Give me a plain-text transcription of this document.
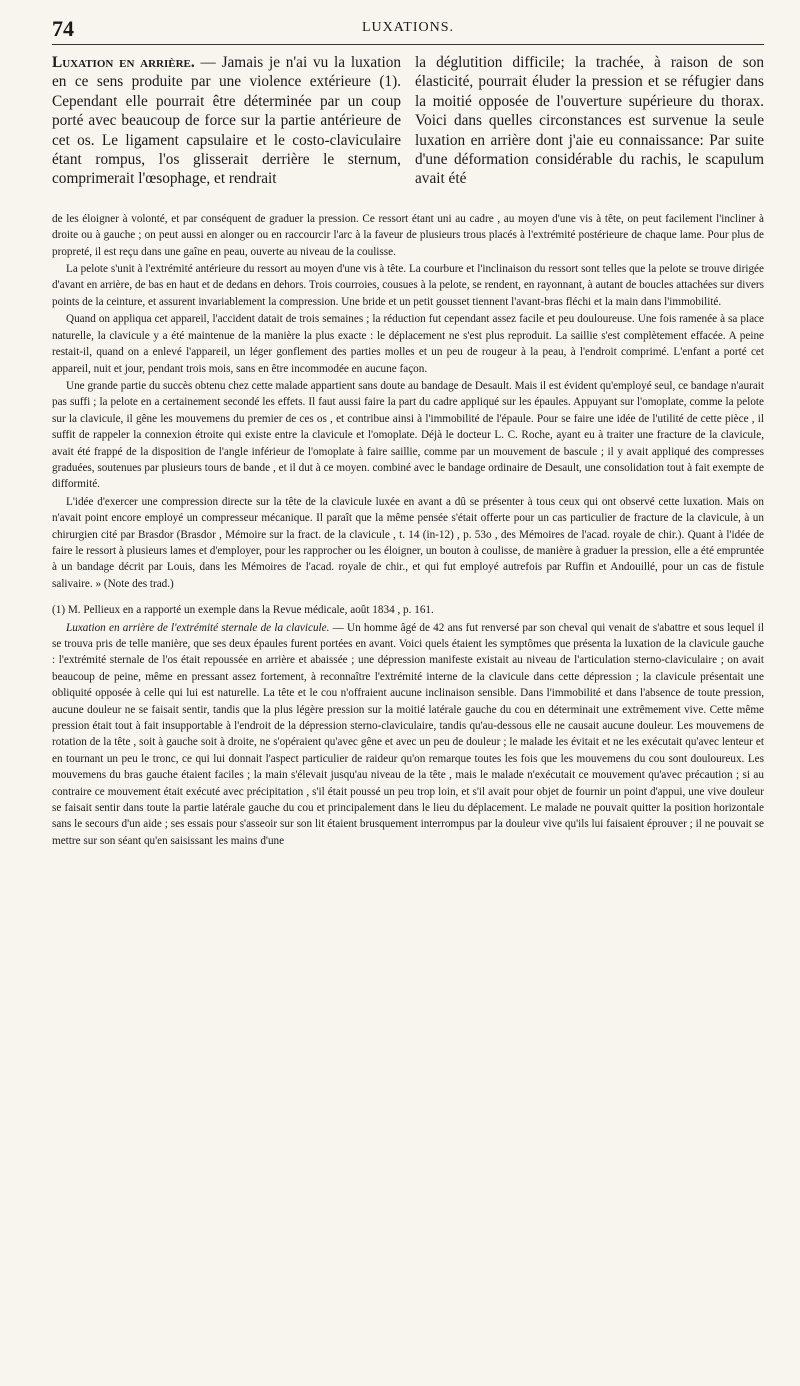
74	LUXATIONS.

Luxation en arrière. — Jamais je n'ai vu la luxation en ce sens produite par une violence extérieure (1). Cependant elle pourrait être déterminée par un coup porté avec beaucoup de force sur la partie antérieure de cet os. Le ligament capsulaire et le costo-claviculaire étant rompus, l'os glisserait derrière le sternum, comprimerait l'œsophage, et rendrait

la déglutition difficile; la trachée, à raison de son élasticité, pourrait éluder la pression et se réfugier dans la moitié opposée de l'ouverture supérieure du thorax. Voici dans quelles circonstances est survenue la seule luxation en arrière dont j'aie eu connaissance: Par suite d'une déformation considérable du rachis, le scapulum avait été

de les éloigner à volonté, et par conséquent de graduer la pression. Ce ressort étant uni au cadre , au moyen d'une vis à tête, on peut facilement l'incliner à droite ou à gauche ; on peut aussi en alonger ou en raccourcir l'arc à la faveur de plusieurs trous placés à l'extrémité postérieure de chaque lame. Pour plus de propreté, il est reçu dans une gaîne en peau, ouverte au niveau de la coulisse.

La pelote s'unit à l'extrémité antérieure du ressort au moyen d'une vis à tête. La courbure et l'inclinaison du ressort sont telles que la pelote se trouve dirigée d'avant en arrière, de bas en haut et de dedans en dehors. Trois courroies, cousues à la pelote, se rendent, en rayonnant, à autant de boucles attachées sur divers points de la ceinture, et assurent invariablement la compression. Une bride et un petit gousset tiennent l'avant-bras fléchi et la main dans l'immobilité.

Quand on appliqua cet appareil, l'accident datait de trois semaines ; la réduction fut cependant assez facile et peu douloureuse. Une fois ramenée à sa place naturelle, la clavicule y a été maintenue de la manière la plus exacte : le déplacement ne s'est plus reproduit. La saillie s'est complètement effacée. A peine restait-il, quand on a enlevé l'appareil, un léger gonflement des parties molles et un peu de rougeur à la peau, à l'endroit comprimé. L'enfant a porté cet appareil, nuit et jour, pendant trois mois, sans en être incommodée en aucune façon.

Une grande partie du succès obtenu chez cette malade appartient sans doute au bandage de Desault. Mais il est évident qu'employé seul, ce bandage n'aurait pas suffi ; la pelote en a certainement secondé les effets. Il faut aussi faire la part du cadre appliqué sur les épaules. Appuyant sur l'omoplate, comme la pelote sur la clavicule, il gêne les mouvemens du premier de ces os , et contribue ainsi à l'immobilité de l'épaule. Pour se faire une idée de l'utilité de cette pièce , il suffit de rappeler la connexion étroite qui existe entre la clavicule et l'omoplate. Déjà le docteur L. C. Roche, ayant eu à traiter une fracture de la clavicule, avait été frappé de la disposition de l'angle inférieur de l'omoplate à faire saillie, comme par un mouvement de bascule ; il y avait appliqué des compresses graduées, soutenues par plusieurs tours de bande , et il dut à ce moyen. combiné avec le bandage ordinaire de Desault, une consolidation tout à fait exempte de difformité.

L'idée d'exercer une compression directe sur la tête de la clavicule luxée en avant a dû se présenter à tous ceux qui ont observé cette luxation. Mais on n'avait point encore employé un compresseur mécanique. Il paraît que la même pensée s'était offerte pour un cas particulier de fracture de la clavicule, à un chirurgien cité par Brasdor (Brasdor , Mémoire sur la fract. de la clavicule , t. 14 (in-12) , p. 53o , des Mémoires de l'acad. royale de chir.). Quant à l'idée de faire le ressort à plusieurs lames et d'employer, pour les rapprocher ou les éloigner, un bouton à coulisse, de manière à graduer la pression, elle a été empruntée à un bandage décrit par Louis, dans les Mémoires de l'acad. royale de chir., et qui fut employé autrefois par Ruffin et Andouillé, pour un cas de fistule salivaire. » (Note des trad.)

(1) M. Pellieux en a rapporté un exemple dans la Revue médicale, août 1834 , p. 161.

Luxation en arrière de l'extrémité sternale de la clavicule. — Un homme âgé de 42 ans fut renversé par son cheval qui venait de s'abattre et sous lequel il se trouva pris de telle manière, que ses deux épaules furent portées en avant. Voici quels étaient les symptômes que présenta la luxation de la clavicule gauche : l'extrémité sternale de l'os était repoussée en arrière et abaissée ; une dépression manifeste existait au niveau de l'articulation sterno-claviculaire ; on avait beaucoup de peine, même en pressant assez fortement, à reconnaître l'extrémité interne de la clavicule dans cette dépression ; la clavicule présentait une obliquité opposée à celle qui lui est naturelle. La tête et le cou n'offraient aucune inclinaison sensible. Dans l'immobilité et dans l'absence de toute pression, aucune douleur ne se faisait sentir, tandis que la plus légère pression sur la moitié latérale gauche du cou en déterminait une extrêmement vive. Cette même pression était tout à fait insupportable à l'endroit de la dépression sterno-claviculaire, tandis qu'au-dessous elle ne causait aucune douleur. Les mouvemens de rotation de la tête , soit à gauche soit à droite, ne s'opéraient qu'avec gêne et avec un peu de douleur ; le malade les évitait et ne les exécutait qu'avec lenteur et en tournant un peu le tronc, ce qui lui donnait l'aspect particulier de raideur qu'on remarque toutes les fois que les mouvemens du cou sont douloureux. Les mouvemens du bras gauche étaient faciles ; la main s'élevait jusqu'au niveau de la tête , mais le malade n'exécutait ce mouvement qu'avec précaution ; si au contraire ce mouvement était exécuté avec précipitation , s'il était poussé un peu trop loin, et s'il avait pour objet de fournir un point d'appui, une vive douleur se faisait sentir dans toute la partie latérale gauche du cou et principalement dans le lieu du déplacement. Le malade ne pouvait quitter la position horizontale sans le secours d'un aide ; ses essais pour s'asseoir sur son lit étaient brusquement interrompus par la douleur vive qu'ils lui faisaient éprouver ; il ne pouvait se mettre sur son séant qu'en saisissant les mains d'une
